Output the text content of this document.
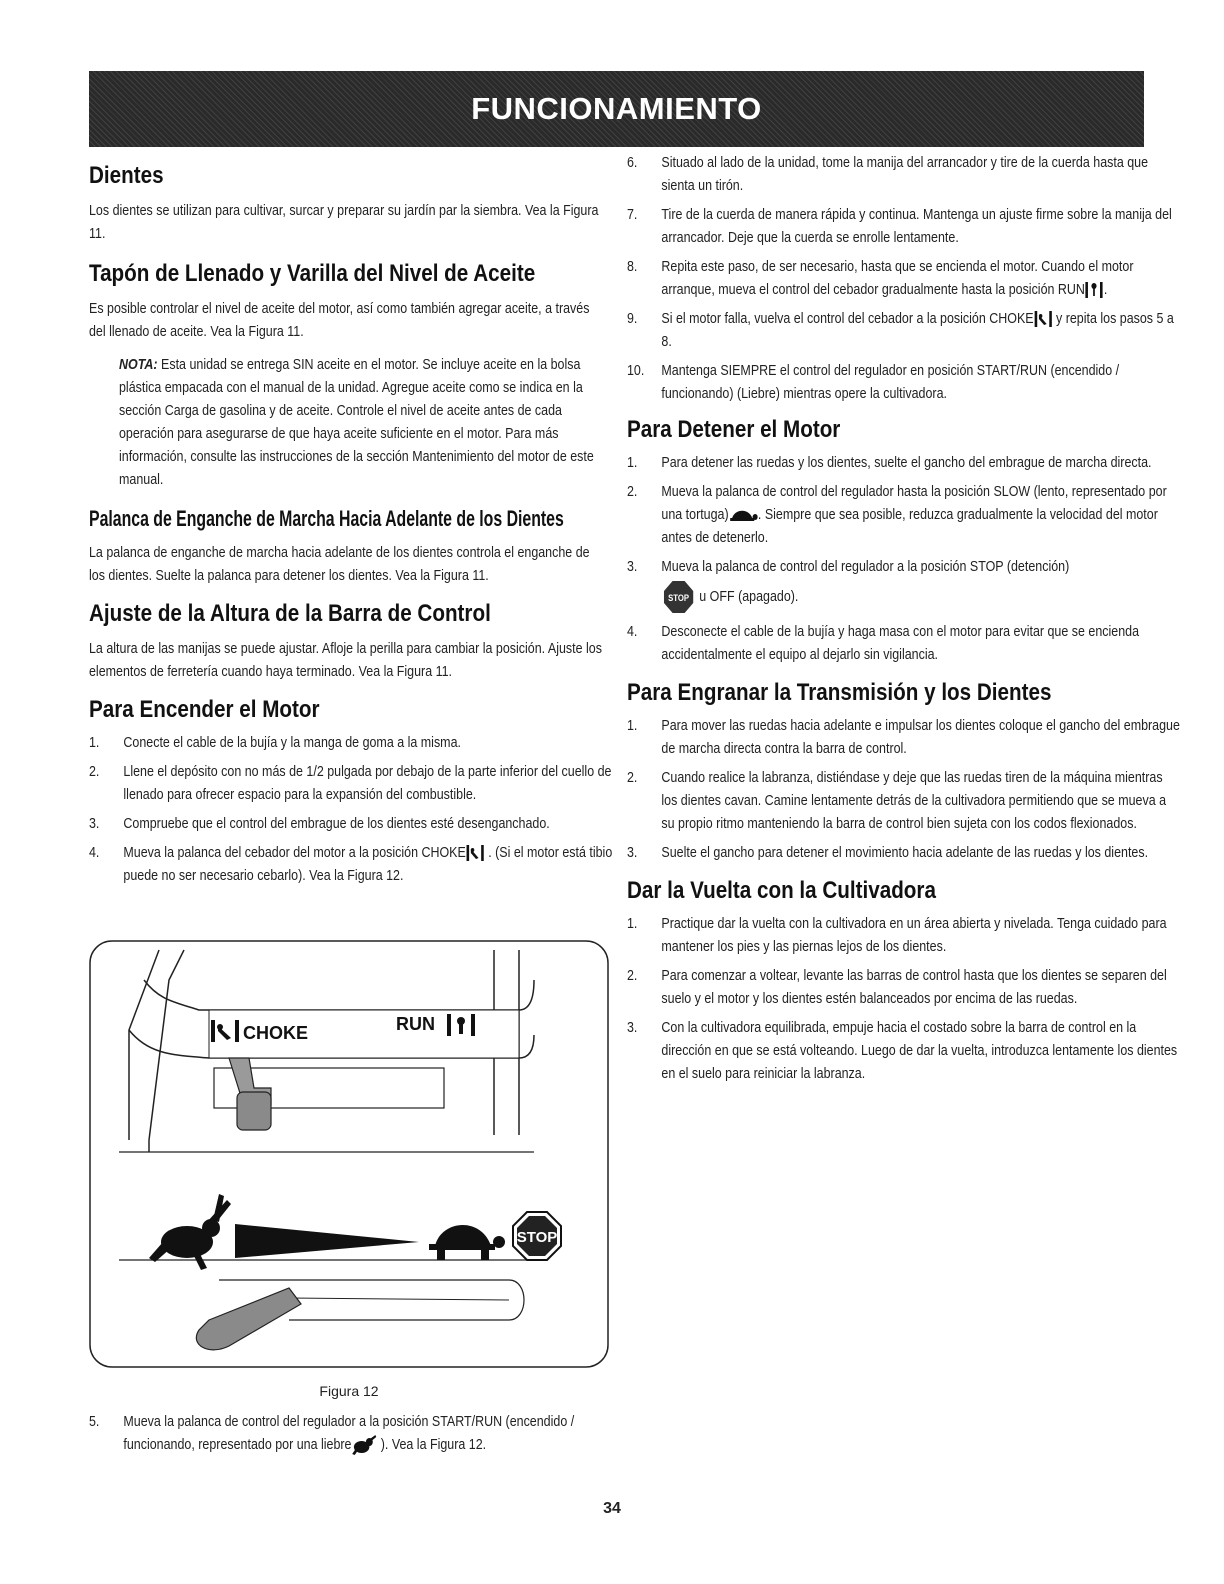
FUNCIONAMIENTO
Dientes

Los dientes se utilizan para cultivar, surcar y preparar su jardín par la siembra. Vea la Figura 11.

Tapón de Llenado y Varilla del Nivel de Aceite

Es posible controlar el nivel de aceite del motor, así como también agregar aceite, a través del llenado de aceite. Vea la Figura 11.

NOTA: Esta unidad se entrega SIN aceite en el motor. Se incluye aceite en la bolsa plástica empacada con el manual de la unidad. Agregue aceite como se indica en la sección Carga de gasolina y de aceite. Controle el nivel de aceite antes de cada operación para asegurarse de que haya aceite suficiente en el motor. Para más información, consulte las instrucciones de la sección Mantenimiento del motor de este manual.

Palanca de Enganche de Marcha Hacia Adelante de los Dientes

La palanca de enganche de marcha hacia adelante de los dientes controla el enganche de los dientes. Suelte la palanca para detener los dientes. Vea la Figura 11.

Ajuste de la Altura de la Barra de Control

La altura de las manijas se puede ajustar. Afloje la perilla para cambiar la posición. Ajuste los elementos de ferretería cuando haya terminado. Vea la Figura 11.

Para Encender el Motor

1. Conecte el cable de la bujía y la manga de goma a la misma.

2. Llene el depósito con no más de 1/2 pulgada por debajo de la parte inferior del cuello de llenado para ofrecer espacio para la expansión del combustible.

3. Compruebe que el control del embrague de los dientes esté desenganchado.

4. Mueva la palanca del cebador del motor a la posición CHOKE . (Si el motor está tibio puede no ser necesario cebarlo). Vea la Figura 12.

CHOKE	RUN
STOP
Figura 12

5. Mueva la palanca de control del regulador a la posición START/RUN (encendido / funcionando, representado por una liebre ). Vea la Figura 12.

6. Situado al lado de la unidad, tome la manija del arrancador y tire de la cuerda hasta que sienta un tirón.

7. Tire de la cuerda de manera rápida y continua. Mantenga un ajuste firme sobre la manija del arrancador. Deje que la cuerda se enrolle lentamente.

8. Repita este paso, de ser necesario, hasta que se encienda el motor. Cuando el motor arranque, mueva el control del cebador gradualmente hasta la posición RUN .

9. Si el motor falla, vuelva el control del cebador a la posición CHOKE y repita los pasos 5 a 8.

10. Mantenga SIEMPRE el control del regulador en posición START/RUN (encendido / funcionando) (Liebre) mientras opere la cultivadora.

Para Detener el Motor

1. Para detener las ruedas y los dientes, suelte el gancho del embrague de marcha directa.

2. Mueva la palanca de control del regulador hasta la posición SLOW (lento, representado por una tortuga) . Siempre que sea posible, reduzca gradualmente la velocidad del motor antes de detenerlo.

3. Mueva la palanca de control del regulador a la posición STOP (detención)

STOP u OFF (apagado).

4. Desconecte el cable de la bujía y haga masa con el motor para evitar que se encienda accidentalmente el equipo al dejarlo sin vigilancia.

Para Engranar la Transmisión y los Dientes

1. Para mover las ruedas hacia adelante e impulsar los dientes coloque el gancho del embrague de marcha directa contra la barra de control.

2. Cuando realice la labranza, distiéndase y deje que las ruedas tiren de la máquina mientras los dientes cavan. Camine lentamente detrás de la cultivadora permitiendo que se mueva a su propio ritmo manteniendo la barra de control bien sujeta con los codos flexionados.

3. Suelte el gancho para detener el movimiento hacia adelante de las ruedas y los dientes.

Dar la Vuelta con la Cultivadora

1. Practique dar la vuelta con la cultivadora en un área abierta y nivelada. Tenga cuidado para mantener los pies y las piernas lejos de los dientes.

2. Para comenzar a voltear, levante las barras de control hasta que los dientes se separen del suelo y el motor y los dientes estén balanceados por encima de las ruedas.

3. Con la cultivadora equilibrada, empuje hacia el costado sobre la barra de control en la dirección en que se está volteando. Luego de dar la vuelta, introduzca lentamente los dientes en el suelo para reiniciar la labranza.

34
